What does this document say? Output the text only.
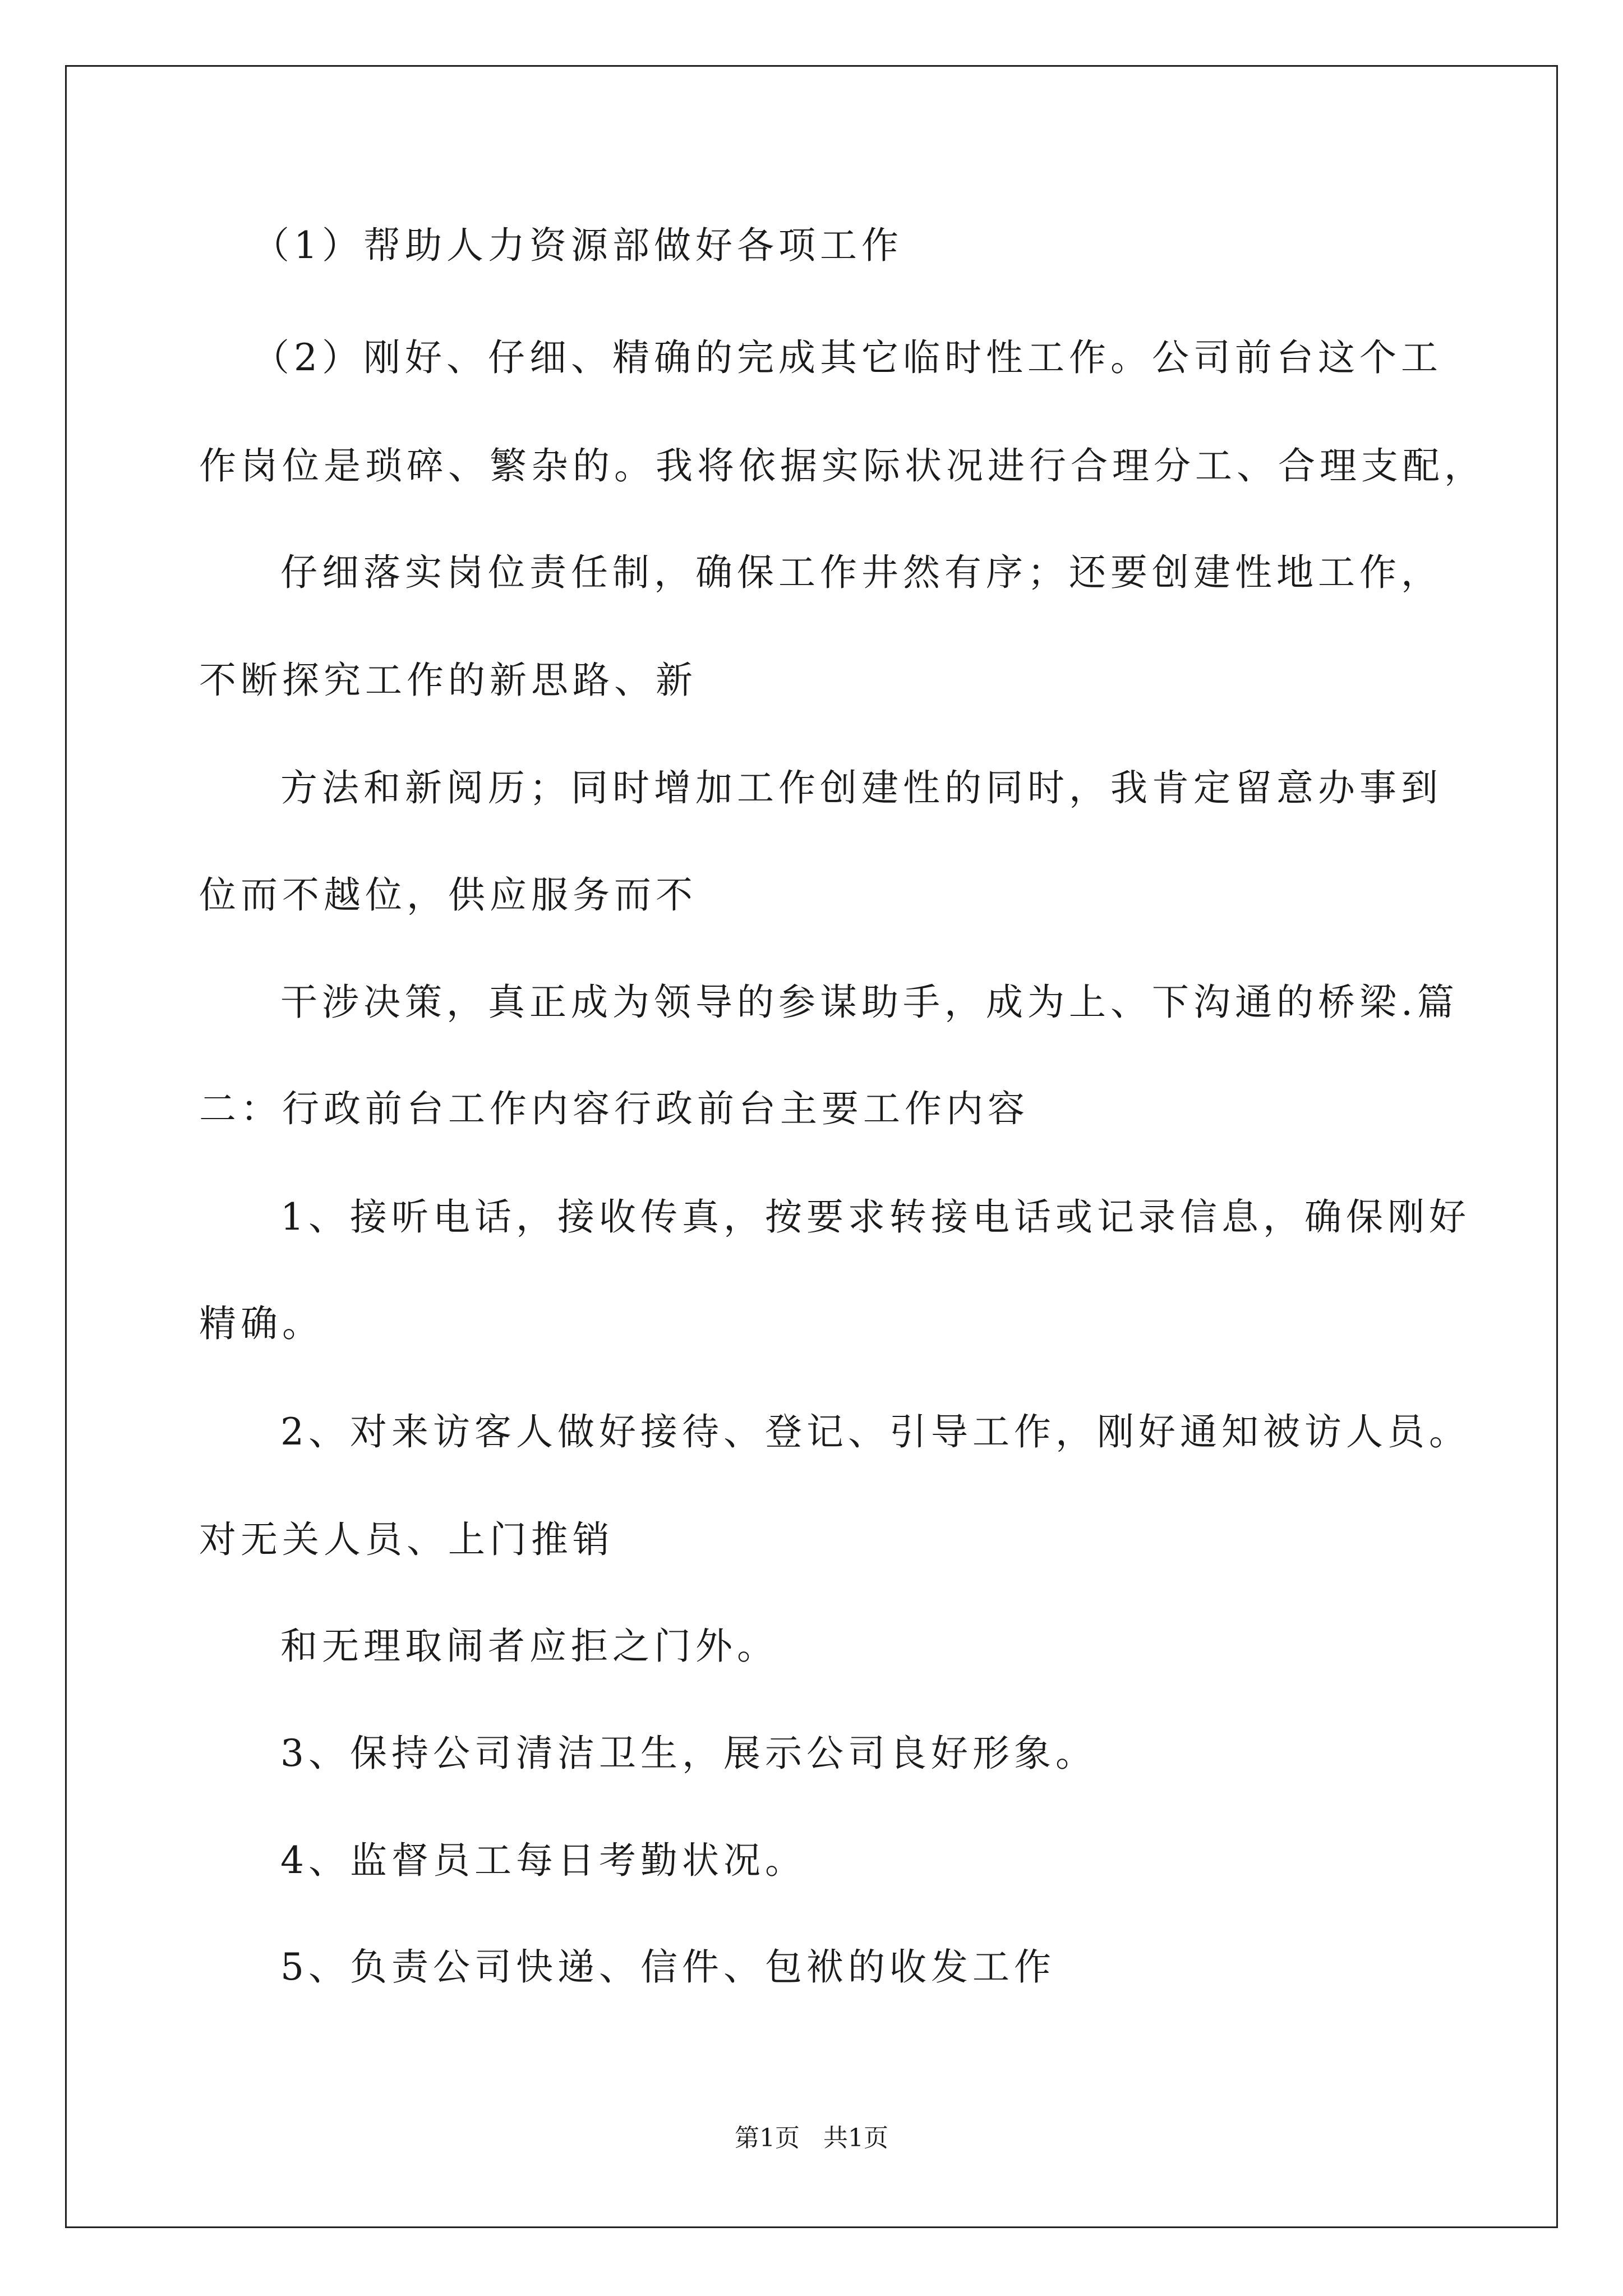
（1）帮助人力资源部做好各项工作
（2）刚好、仔细、精确的完成其它临时性工作。公司前台这个工
作岗位是琐碎、繁杂的。我将依据实际状况进行合理分工、合理支配，
仔细落实岗位责任制，确保工作井然有序；还要创建性地工作，
不断探究工作的新思路、新
方法和新阅历；同时增加工作创建性的同时，我肯定留意办事到
位而不越位，供应服务而不
干涉决策，真正成为领导的参谋助手，成为上、下沟通的桥梁.篇
二：行政前台工作内容行政前台主要工作内容
1、接听电话，接收传真，按要求转接电话或记录信息，确保刚好
精确。
2、对来访客人做好接待、登记、引导工作，刚好通知被访人员。
对无关人员、上门推销
和无理取闹者应拒之门外。
3、保持公司清洁卫生，展示公司良好形象。
4、监督员工每日考勤状况。
5、负责公司快递、信件、包袱的收发工作
第1页   共1页
